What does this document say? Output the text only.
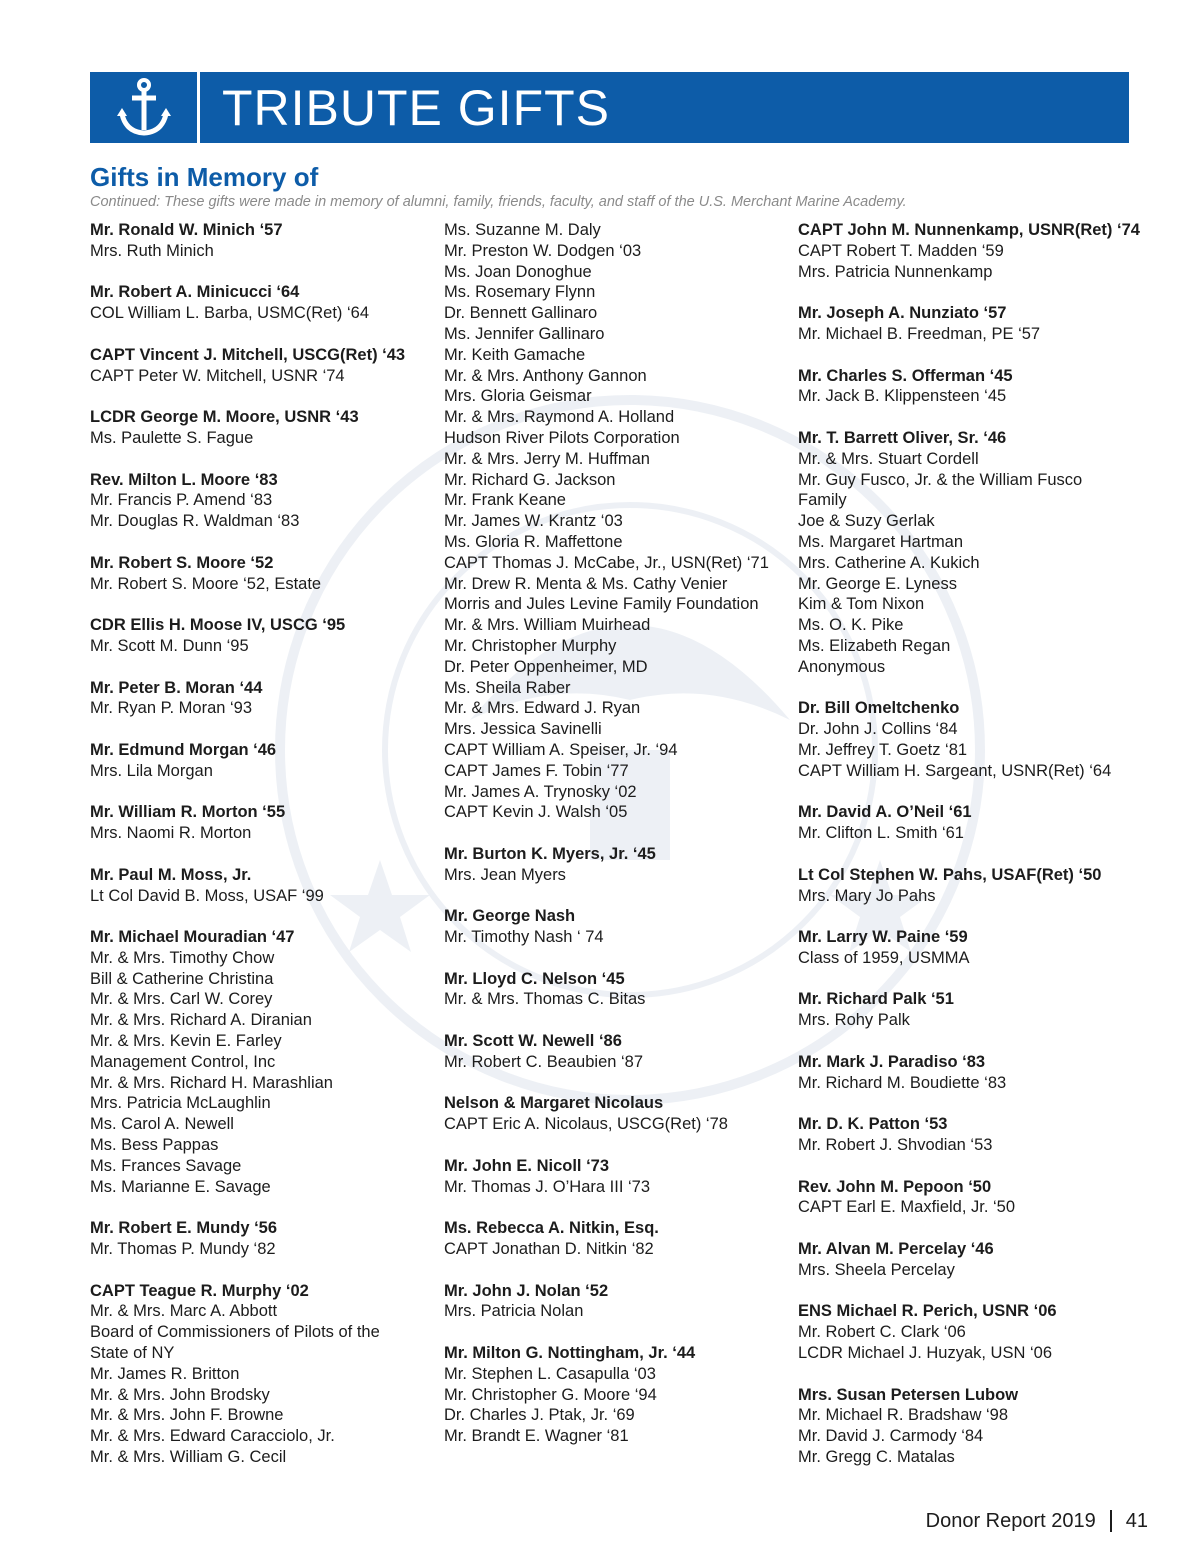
TRIBUTE GIFTS
Gifts in Memory of
Continued: These gifts were made in memory of alumni, family, friends, faculty, and staff of the U.S. Merchant Marine Academy.
Mr. Ronald W. Minich ‘57
Mrs. Ruth Minich
Mr. Robert A. Minicucci ‘64
COL William L. Barba, USMC(Ret) ‘64
CAPT Vincent J. Mitchell, USCG(Ret) ‘43
CAPT Peter W. Mitchell, USNR ‘74
LCDR George M. Moore, USNR ‘43
Ms. Paulette S. Fague
Rev. Milton L. Moore ‘83
Mr. Francis P. Amend ‘83
Mr. Douglas R. Waldman ‘83
Mr. Robert S. Moore ‘52
Mr. Robert S. Moore ‘52, Estate
CDR Ellis H. Moose IV, USCG ‘95
Mr. Scott M. Dunn ‘95
Mr. Peter B. Moran ‘44
Mr. Ryan P. Moran ‘93
Mr. Edmund Morgan ‘46
Mrs. Lila Morgan
Mr. William R. Morton ‘55
Mrs. Naomi R. Morton
Mr. Paul M. Moss, Jr.
Lt Col David B. Moss, USAF ‘99
Mr. Michael Mouradian ‘47
Mr. & Mrs. Timothy Chow
Bill & Catherine Christina
Mr. & Mrs. Carl W. Corey
Mr. & Mrs. Richard A. Diranian
Mr. & Mrs. Kevin E. Farley
Management Control, Inc
Mr. & Mrs. Richard H. Marashlian
Mrs. Patricia McLaughlin
Ms. Carol A. Newell
Ms. Bess Pappas
Ms. Frances Savage
Ms. Marianne E. Savage
Mr. Robert E. Mundy ‘56
Mr. Thomas P. Mundy ‘82
CAPT Teague R. Murphy ‘02
Mr. & Mrs. Marc A. Abbott
Board of Commissioners of Pilots of the
State of NY
Mr. James R. Britton
Mr. & Mrs. John Brodsky
Mr. & Mrs. John F. Browne
Mr. & Mrs. Edward Caracciolo, Jr.
Mr. & Mrs. William G. Cecil
Ms. Suzanne M. Daly
Mr. Preston W. Dodgen ‘03
Ms. Joan Donoghue
Ms. Rosemary Flynn
Dr. Bennett Gallinaro
Ms. Jennifer Gallinaro
Mr. Keith Gamache
Mr. & Mrs. Anthony Gannon
Mrs. Gloria Geismar
Mr. & Mrs. Raymond A. Holland
Hudson River Pilots Corporation
Mr. & Mrs. Jerry M. Huffman
Mr. Richard G. Jackson
Mr. Frank Keane
Mr. James W. Krantz ‘03
Ms. Gloria R. Maffettone
CAPT Thomas J. McCabe, Jr., USN(Ret) ‘71
Mr. Drew R. Menta & Ms. Cathy Venier
Morris and Jules Levine Family Foundation
Mr. & Mrs. William Muirhead
Mr. Christopher Murphy
Dr. Peter Oppenheimer, MD
Ms. Sheila Raber
Mr. & Mrs. Edward J. Ryan
Mrs. Jessica Savinelli
CAPT William A. Speiser, Jr. ‘94
CAPT James F. Tobin ‘77
Mr. James A. Trynosky ‘02
CAPT Kevin J. Walsh ‘05
Mr. Burton K. Myers, Jr. ‘45
Mrs. Jean Myers
Mr. George Nash
Mr. Timothy Nash ‘ 74
Mr. Lloyd C. Nelson ‘45
Mr. & Mrs. Thomas C. Bitas
Mr. Scott W. Newell ‘86
Mr. Robert C. Beaubien ‘87
Nelson & Margaret Nicolaus
CAPT Eric A. Nicolaus, USCG(Ret) ‘78
Mr. John E. Nicoll ‘73
Mr. Thomas J. O’Hara III ‘73
Ms. Rebecca A. Nitkin, Esq.
CAPT Jonathan D. Nitkin ‘82
Mr. John J. Nolan ‘52
Mrs. Patricia Nolan
Mr. Milton G. Nottingham, Jr. ‘44
Mr. Stephen L. Casapulla ‘03
Mr. Christopher G. Moore ‘94
Dr. Charles J. Ptak, Jr. ‘69
Mr. Brandt E. Wagner ‘81
CAPT John M. Nunnenkamp, USNR(Ret) ‘74
CAPT Robert T. Madden ‘59
Mrs. Patricia Nunnenkamp
Mr. Joseph A. Nunziato ‘57
Mr. Michael B. Freedman, PE ‘57
Mr. Charles S. Offerman ‘45
Mr. Jack B. Klippensteen ‘45
Mr. T. Barrett Oliver, Sr. ‘46
Mr. & Mrs. Stuart Cordell
Mr. Guy Fusco, Jr. & the William Fusco
Family
Joe & Suzy Gerlak
Ms. Margaret Hartman
Mrs. Catherine A. Kukich
Mr. George E. Lyness
Kim & Tom Nixon
Ms. O. K. Pike
Ms. Elizabeth Regan
Anonymous
Dr. Bill Omeltchenko
Dr. John J. Collins ‘84
Mr. Jeffrey T. Goetz ‘81
CAPT William H. Sargeant, USNR(Ret) ‘64
Mr. David A. O’Neil ‘61
Mr. Clifton L. Smith ‘61
Lt Col Stephen W. Pahs, USAF(Ret) ‘50
Mrs. Mary Jo Pahs
Mr. Larry W. Paine ‘59
Class of 1959, USMMA
Mr. Richard Palk ‘51
Mrs. Rohy Palk
Mr. Mark J. Paradiso ‘83
Mr. Richard M. Boudiette ‘83
Mr. D. K. Patton ‘53
Mr. Robert J. Shvodian ‘53
Rev. John M. Pepoon ‘50
CAPT Earl E. Maxfield, Jr. ‘50
Mr. Alvan M. Percelay ‘46
Mrs. Sheela Percelay
ENS Michael R. Perich, USNR ‘06
Mr. Robert C. Clark ‘06
LCDR Michael J. Huzyak, USN ‘06
Mrs. Susan Petersen Lubow
Mr. Michael R. Bradshaw ‘98
Mr. David J. Carmody ‘84
Mr. Gregg C. Matalas
Donor Report 2019 41
